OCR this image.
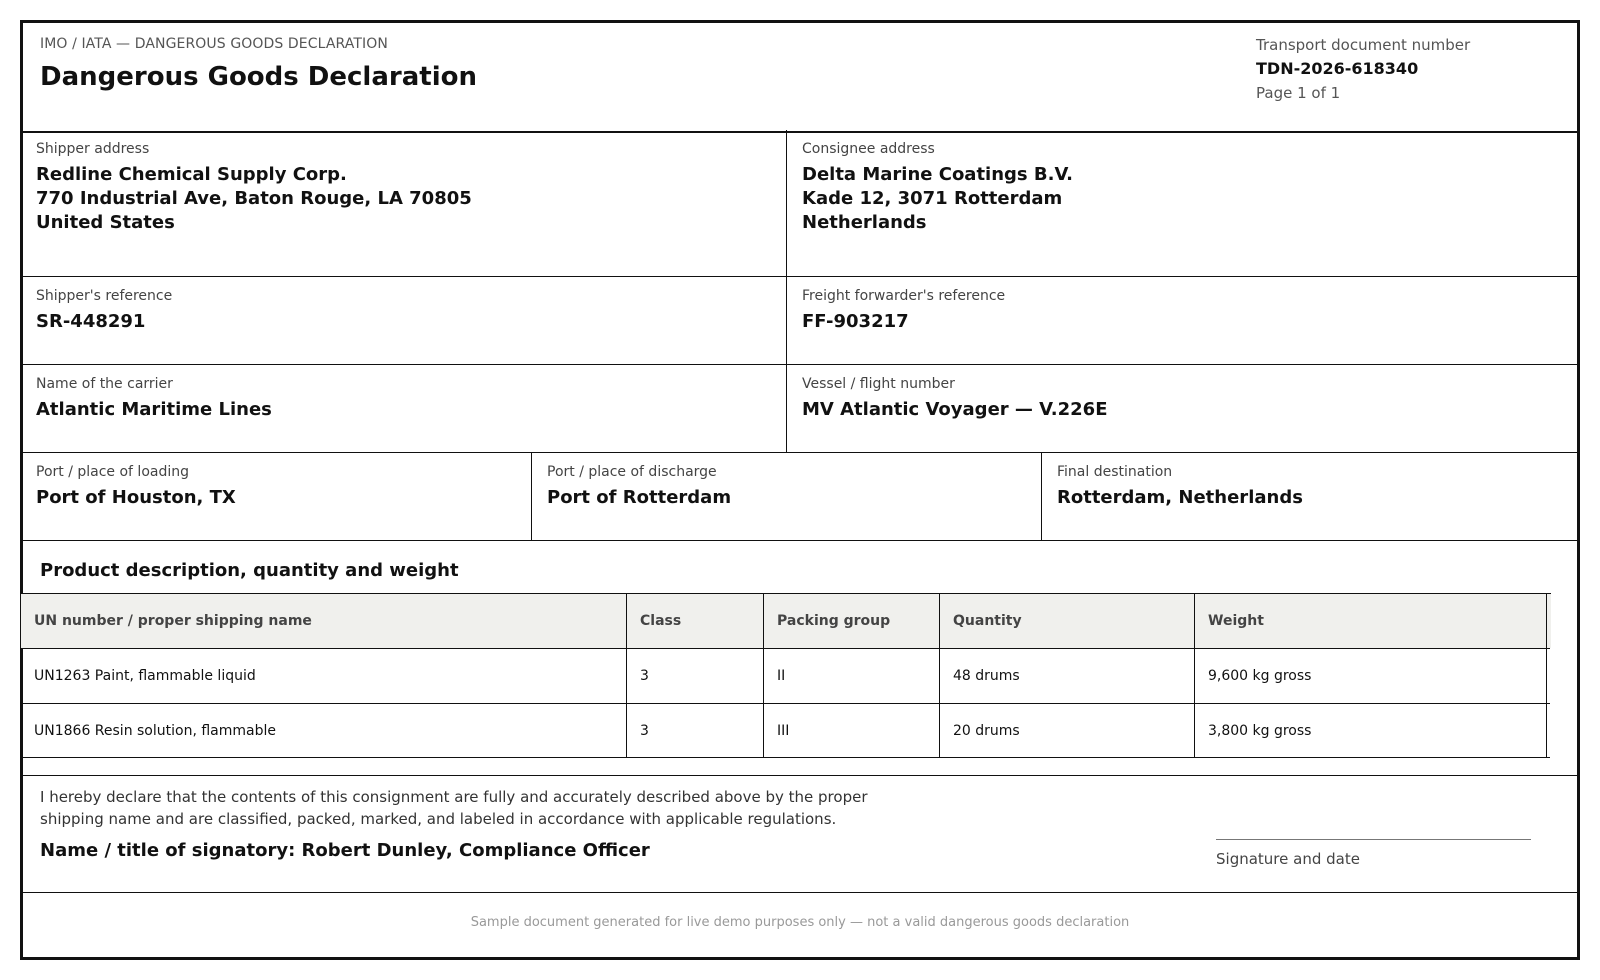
IMO / IATA — DANGEROUS GOODS DECLARATION
Dangerous Goods Declaration
Transport document number
TDN-2026-618340
Page 1 of 1
Shipper address
Redline Chemical Supply Corp.
770 Industrial Ave, Baton Rouge, LA 70805
United States
Consignee address
Delta Marine Coatings B.V.
Kade 12, 3071 Rotterdam
Netherlands
Shipper's reference
SR-448291
Freight forwarder's reference
FF-903217
Name of the carrier
Atlantic Maritime Lines
Vessel / flight number
MV Atlantic Voyager — V.226E
Port / place of loading
Port of Houston, TX
Port / place of discharge
Port of Rotterdam
Final destination
Rotterdam, Netherlands
Product description, quantity and weight
UN number / proper shipping name	Class	Packing group	Quantity	Weight
UN1263 Paint, flammable liquid	3	II	48 drums	9,600 kg gross
UN1866 Resin solution, flammable	3	III	20 drums	3,800 kg gross
I hereby declare that the contents of this consignment are fully and accurately described above by the proper
shipping name and are classified, packed, marked, and labeled in accordance with applicable regulations.
Name / title of signatory: Robert Dunley, Compliance Officer	Signature and date
Sample document generated for live demo purposes only — not a valid dangerous goods declaration
